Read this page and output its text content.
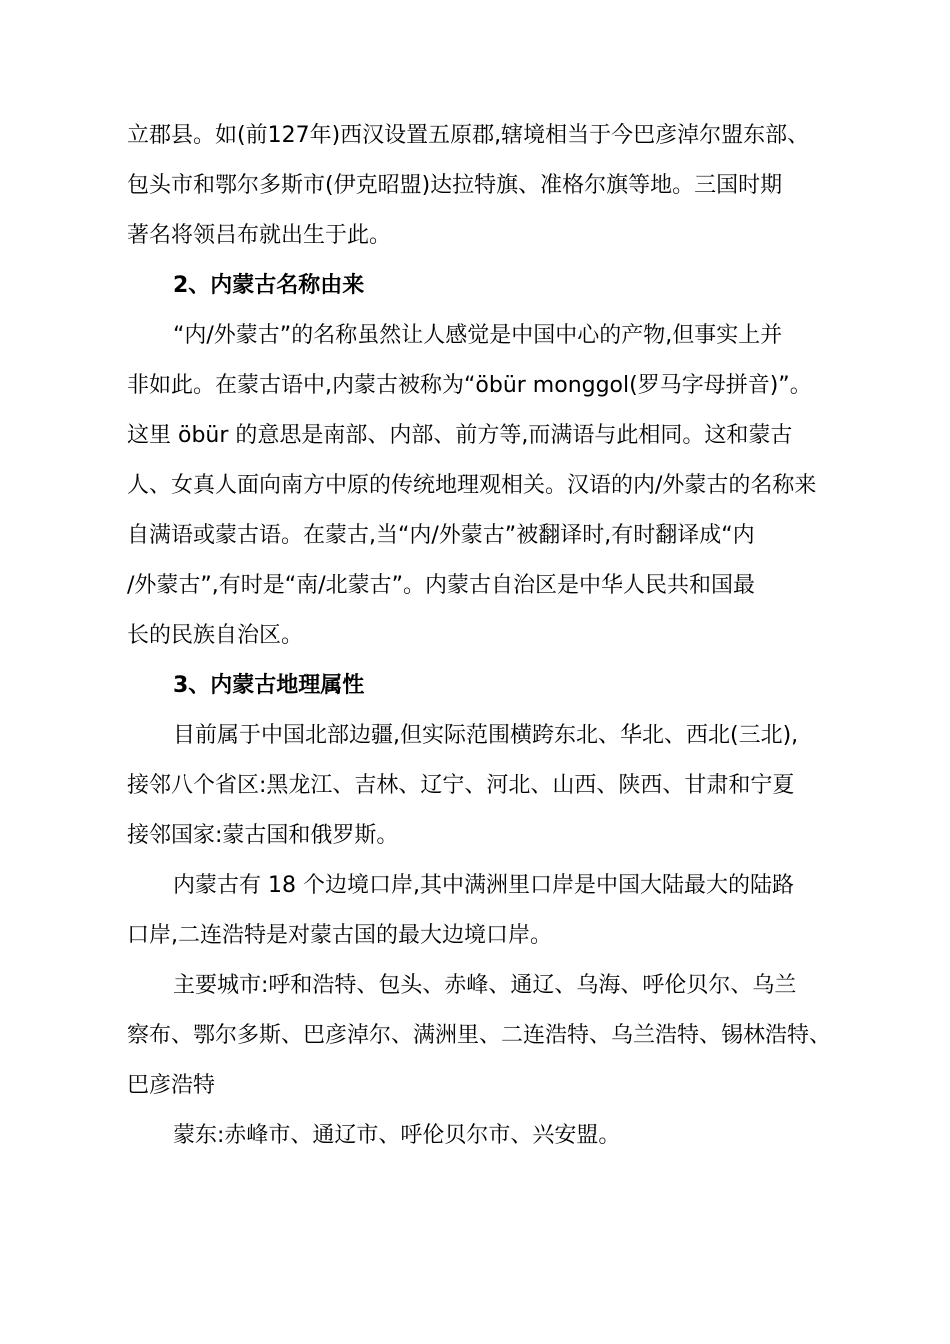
立郡县。如(前127年)西汉设置五原郡,辖境相当于今巴彦淖尔盟东部、
包头市和鄂尔多斯市(伊克昭盟)达拉特旗、准格尔旗等地。三国时期
著名将领吕布就出生于此。
2、内蒙古名称由来
“内/外蒙古”的名称虽然让人感觉是中国中心的产物,但事实上并
非如此。在蒙古语中,内蒙古被称为“öbür monggol(罗马字母拼音)”。
这里 öbür 的意思是南部、内部、前方等,而满语与此相同。这和蒙古
人、女真人面向南方中原的传统地理观相关。汉语的内/外蒙古的名称来
自满语或蒙古语。在蒙古,当“内/外蒙古”被翻译时,有时翻译成“内
/外蒙古”,有时是“南/北蒙古”。内蒙古自治区是中华人民共和国最
长的民族自治区。
3、内蒙古地理属性
目前属于中国北部边疆,但实际范围横跨东北、华北、西北(三北),
接邻八个省区:黑龙江、吉林、辽宁、河北、山西、陕西、甘肃和宁夏
接邻国家:蒙古国和俄罗斯。
内蒙古有 18 个边境口岸,其中满洲里口岸是中国大陆最大的陆路
口岸,二连浩特是对蒙古国的最大边境口岸。
主要城市:呼和浩特、包头、赤峰、通辽、乌海、呼伦贝尔、乌兰
察布、鄂尔多斯、巴彦淖尔、满洲里、二连浩特、乌兰浩特、锡林浩特、
巴彦浩特
蒙东:赤峰市、通辽市、呼伦贝尔市、兴安盟。
